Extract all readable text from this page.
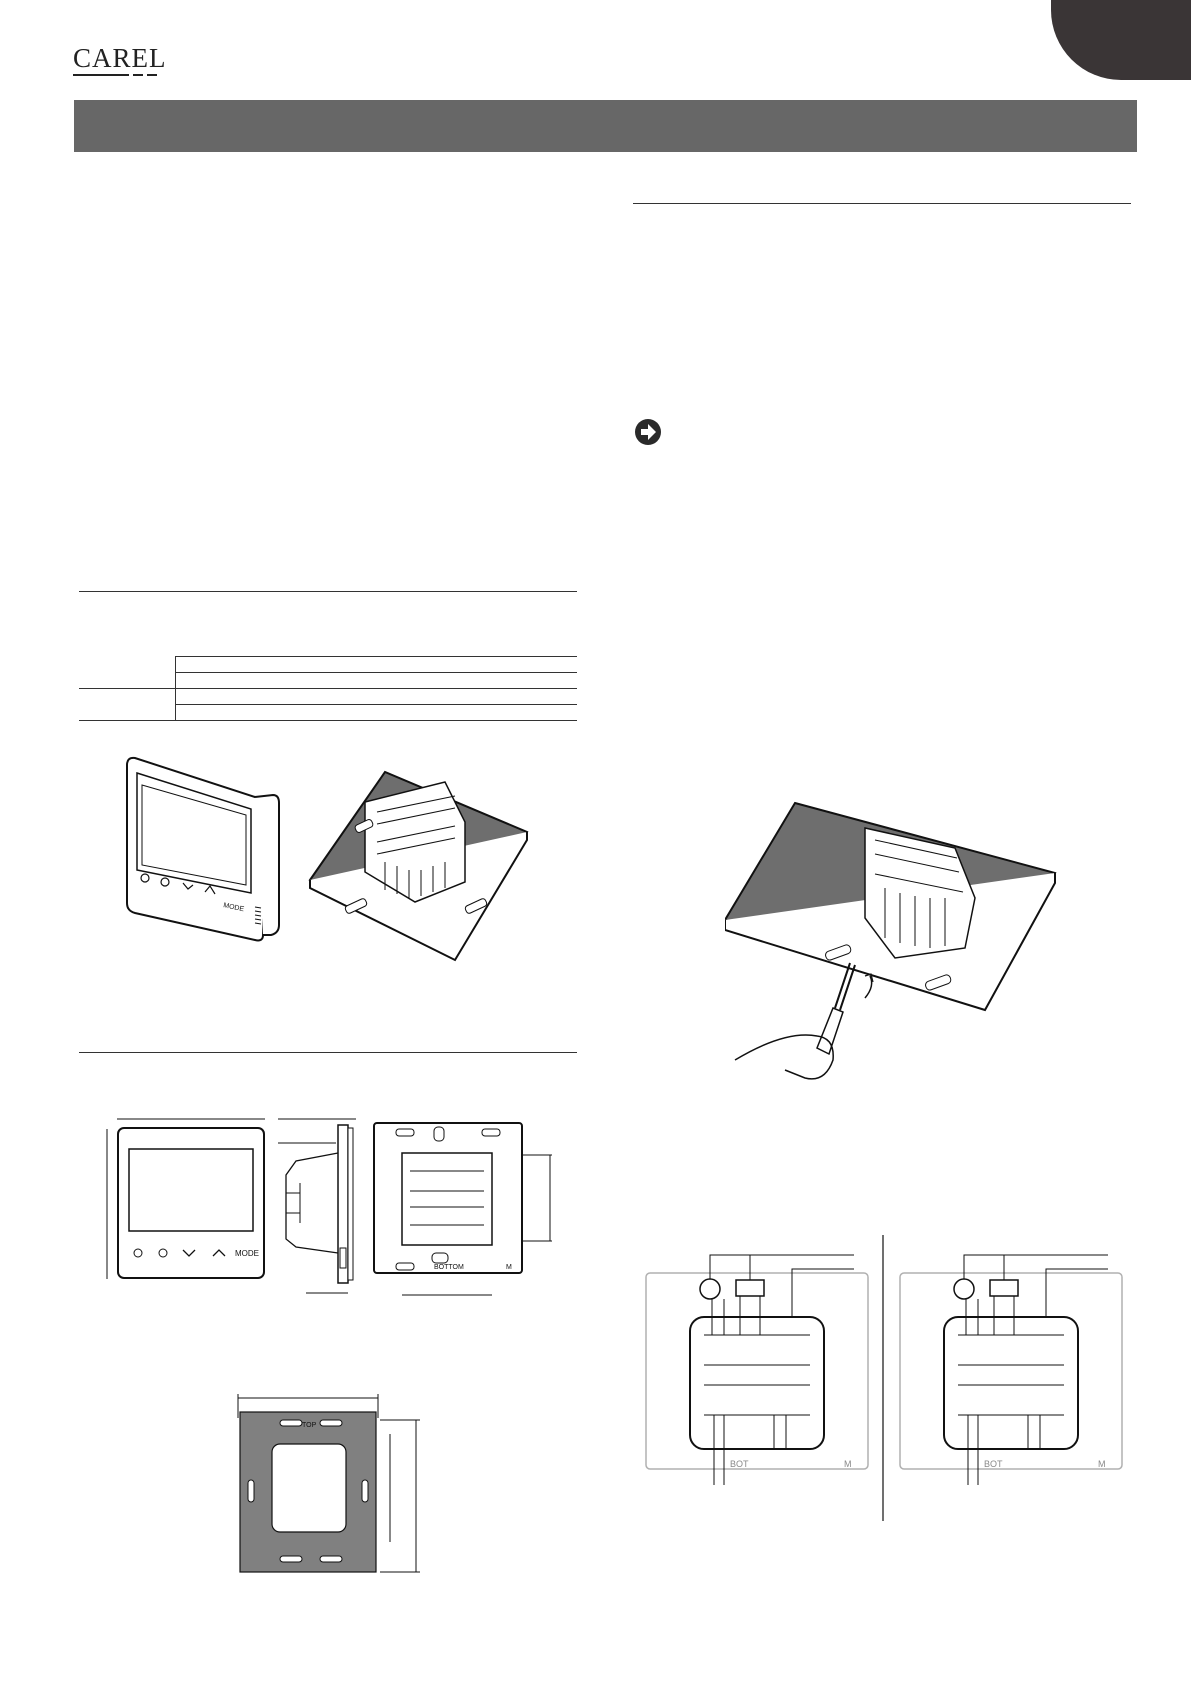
CAREL
MODE
MODE
BOTTOM	M
TOP
BOT	M	BOT	M
